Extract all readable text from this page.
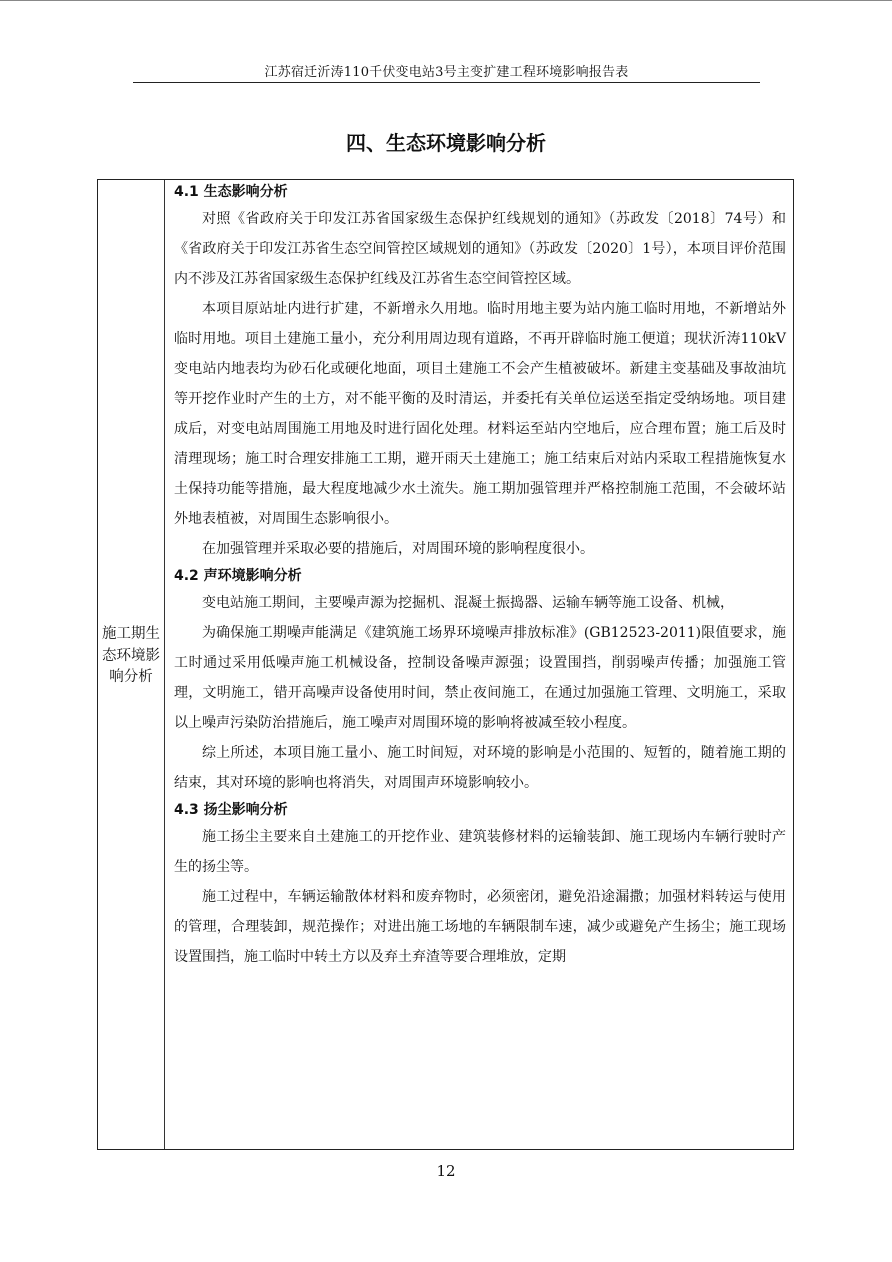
江苏宿迁沂涛110千伏变电站3号主变扩建工程环境影响报告表
四、生态环境影响分析
施工期生态环境影响分析
4.1 生态影响分析

对照《省政府关于印发江苏省国家级生态保护红线规划的通知》（苏政发〔2018〕74号）和《省政府关于印发江苏省生态空间管控区域规划的通知》（苏政发〔2020〕1号），本项目评价范围内不涉及江苏省国家级生态保护红线及江苏省生态空间管控区域。

本项目原站址内进行扩建，不新增永久用地。临时用地主要为站内施工临时用地，不新增站外临时用地。项目土建施工量小，充分利用周边现有道路，不再开辟临时施工便道；现状沂涛110kV变电站内地表均为砂石化或硬化地面，项目土建施工不会产生植被破坏。新建主变基础及事故油坑等开挖作业时产生的土方，对不能平衡的及时清运，并委托有关单位运送至指定受纳场地。项目建成后，对变电站周围施工用地及时进行固化处理。材料运至站内空地后，应合理布置；施工后及时清理现场；施工时合理安排施工工期，避开雨天土建施工；施工结束后对站内采取工程措施恢复水土保持功能等措施，最大程度地减少水土流失。施工期加强管理并严格控制施工范围，不会破坏站外地表植被，对周围生态影响很小。

在加强管理并采取必要的措施后，对周围环境的影响程度很小。

4.2 声环境影响分析

变电站施工期间，主要噪声源为挖掘机、混凝土振捣器、运输车辆等施工设备、机械，

为确保施工期噪声能满足《建筑施工场界环境噪声排放标准》(GB12523-2011)限值要求，施工时通过采用低噪声施工机械设备，控制设备噪声源强；设置围挡，削弱噪声传播；加强施工管理，文明施工，错开高噪声设备使用时间，禁止夜间施工，在通过加强施工管理、文明施工，采取以上噪声污染防治措施后，施工噪声对周围环境的影响将被减至较小程度。

综上所述，本项目施工量小、施工时间短，对环境的影响是小范围的、短暂的，随着施工期的结束，其对环境的影响也将消失，对周围声环境影响较小。

4.3 扬尘影响分析

施工扬尘主要来自土建施工的开挖作业、建筑装修材料的运输装卸、施工现场内车辆行驶时产生的扬尘等。

施工过程中，车辆运输散体材料和废弃物时，必须密闭，避免沿途漏撒；加强材料转运与使用的管理，合理装卸，规范操作；对进出施工场地的车辆限制车速，减少或避免产生扬尘；施工现场设置围挡，施工临时中转土方以及弃土弃渣等要合理堆放，定期

12
